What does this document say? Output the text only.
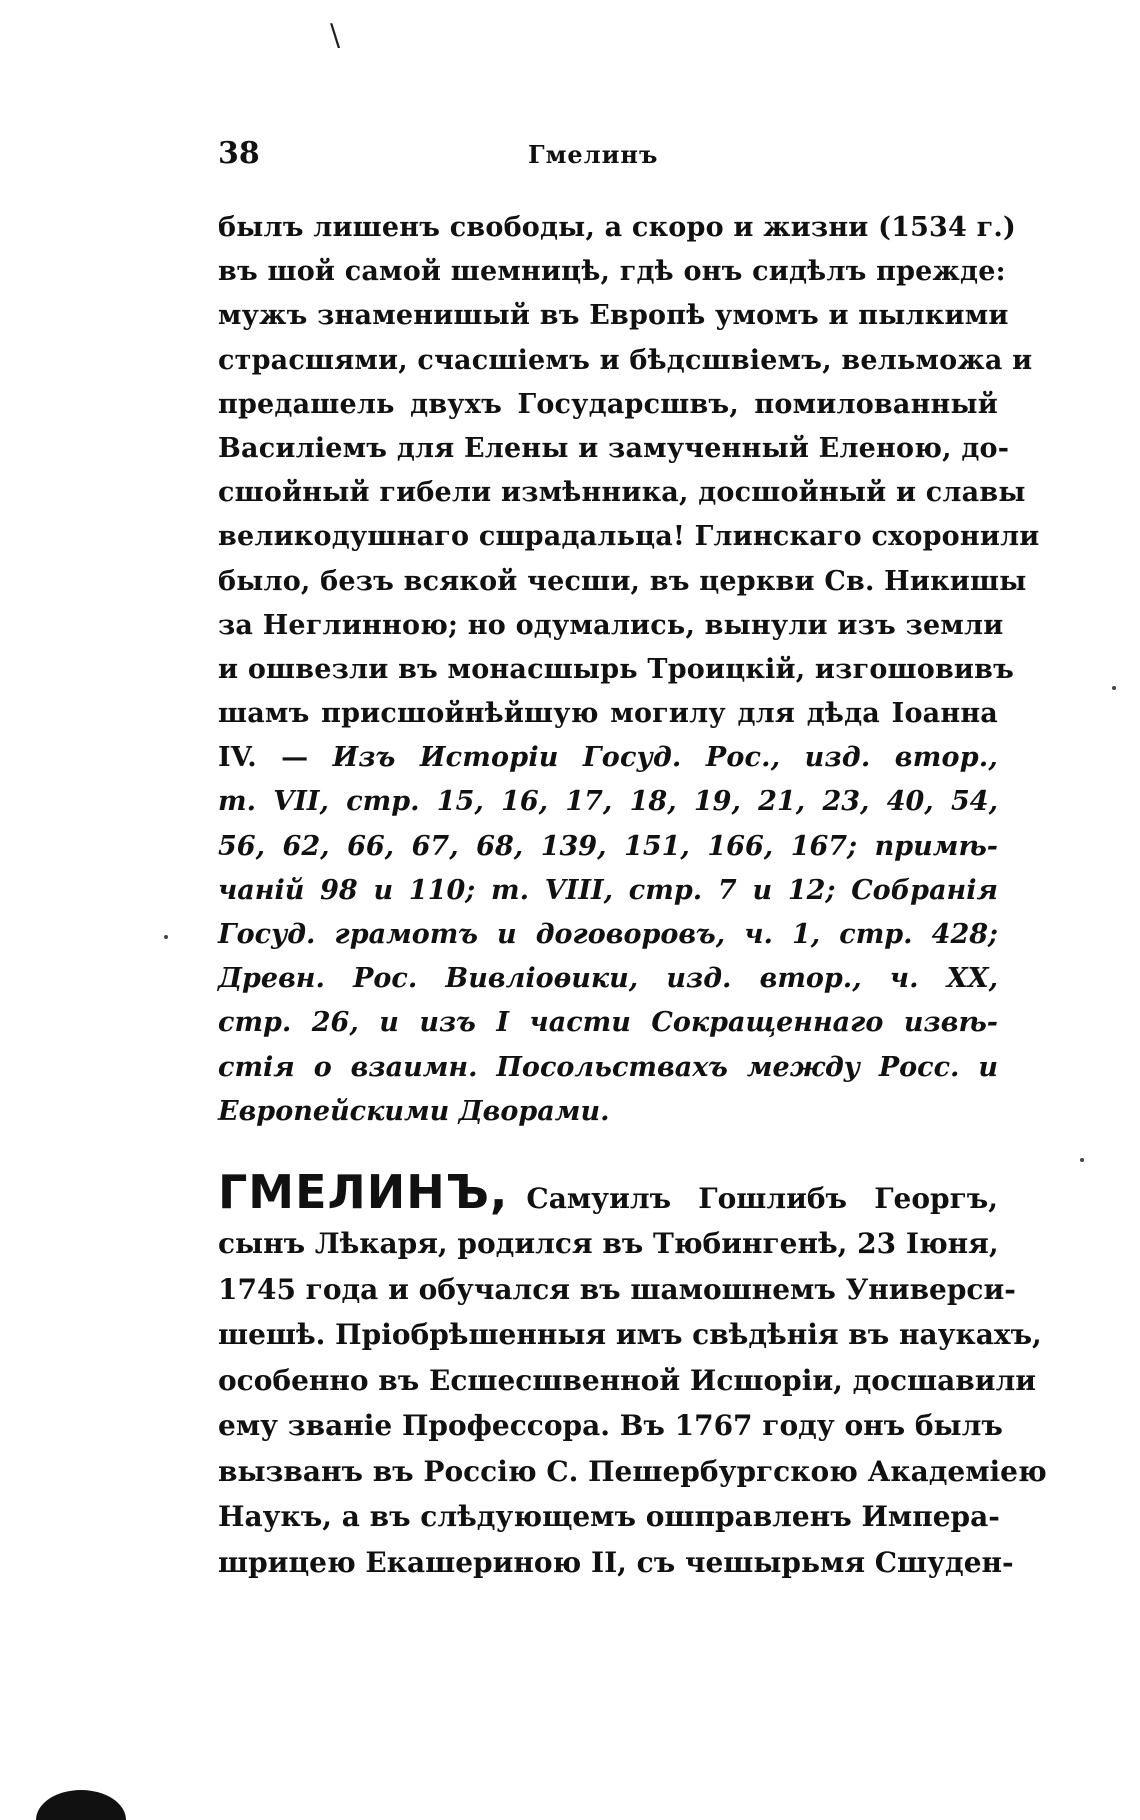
\
38	Гмелинъ
былъ лишенъ свободы, а скоро и жизни (1534 г.)
въ шой самой шемницѣ, гдѣ онъ сидѣлъ прежде:
мужъ знаменишый въ Европѣ умомъ и пылкими
страсшями, счасшіемъ и бѣдсшвіемъ, вельможа и
предашель двухъ Государсшвъ, помилованный
Василіемъ для Елены и замученный Еленою, до-
сшойный гибели измѣнника, досшойный и славы
великодушнаго сшрадальца! Глинскаго схоронили
было, безъ всякой чесши, въ церкви Св. Никишы
за Неглинною; но одумались, вынули изъ земли
и ошвезли въ монасшырь Троицкій, изгошовивъ
шамъ присшойнѣйшую могилу для дѣда Іоанна
IV. — Изъ Исторіи Госуд. Рос., изд. втор.,
т. VII, стр. 15, 16, 17, 18, 19, 21, 23, 40, 54,
56, 62, 66, 67, 68, 139, 151, 166, 167; примѣ-
чаній 98 и 110; т. VIII, стр. 7 и 12; Собранія
Госуд. грамотъ и договоровъ, ч. 1, стр. 428;
Древн. Рос. Вивліоѳики, изд. втор., ч. XX,
стр. 26, и изъ I части Сокращеннаго извѣ-
стія о взаимн. Посольствахъ между Росс. и
Европейскими Дворами.
ГМЕЛИНЪ, Самуилъ Гошлибъ Георгъ,
сынъ Лѣкаря, родился въ Тюбингенѣ, 23 Іюня,
1745 года и обучался въ шамошнемъ Универси-
шешѣ. Пріобрѣшенныя имъ свѣдѣнія въ наукахъ,
особенно въ Есшесшвенной Исшоріи, досшавили
ему званіе Профессора. Въ 1767 году онъ былъ
вызванъ въ Россію С. Пешербургскою Академіею
Наукъ, а въ слѣдующемъ ошправленъ Импера-
шрицею Екашериною II, съ чешырьмя Сшуден-
